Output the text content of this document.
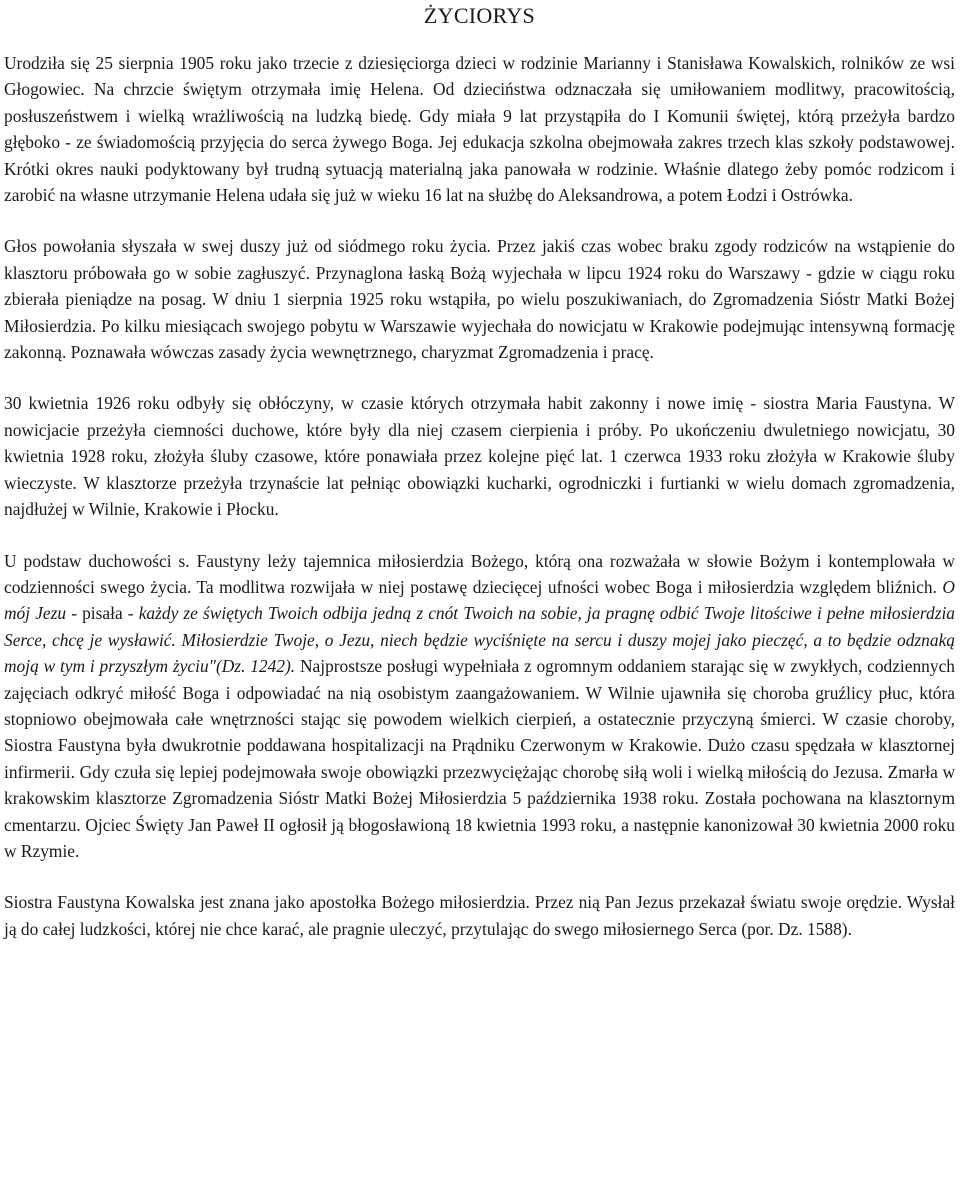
ŻYCIORYS

Urodziła się 25 sierpnia 1905 roku jako trzecie z dziesięciorga dzieci w rodzinie Marianny i Stanisława Kowalskich, rolników ze wsi Głogowiec. Na chrzcie świętym otrzymała imię Helena. Od dzieciństwa odznaczała się umiłowaniem modlitwy, pracowitością, posłuszeństwem i wielką wrażliwością na ludzką biedę. Gdy miała 9 lat przystąpiła do I Komunii świętej, którą przeżyła bardzo głęboko - ze świadomością przyjęcia do serca żywego Boga. Jej edukacja szkolna obejmowała zakres trzech klas szkoły podstawowej. Krótki okres nauki podyktowany był trudną sytuacją materialną jaka panowała w rodzinie. Właśnie dlatego żeby pomóc rodzicom i zarobić na własne utrzymanie Helena udała się już w wieku 16 lat na służbę do Aleksandrowa, a potem Łodzi i Ostrówka.

Głos powołania słyszała w swej duszy już od siódmego roku życia. Przez jakiś czas wobec braku zgody rodziców na wstąpienie do klasztoru próbowała go w sobie zagłuszyć. Przynaglona łaską Bożą wyjechała w lipcu 1924 roku do Warszawy - gdzie w ciągu roku zbierała pieniądze na posag. W dniu 1 sierpnia 1925 roku wstąpiła, po wielu poszukiwaniach, do Zgromadzenia Sióstr Matki Bożej Miłosierdzia. Po kilku miesiącach swojego pobytu w Warszawie wyjechała do nowicjatu w Krakowie podejmując intensywną formację zakonną. Poznawała wówczas zasady życia wewnętrznego, charyzmat Zgromadzenia i pracę.

30 kwietnia 1926 roku odbyły się obłóczyny, w czasie których otrzymała habit zakonny i nowe imię - siostra Maria Faustyna. W nowicjacie przeżyła ciemności duchowe, które były dla niej czasem cierpienia i próby. Po ukończeniu dwuletniego nowicjatu, 30 kwietnia 1928 roku, złożyła śluby czasowe, które ponawiała przez kolejne pięć lat. 1 czerwca 1933 roku złożyła w Krakowie śluby wieczyste. W klasztorze przeżyła trzynaście lat pełniąc obowiązki kucharki, ogrodniczki i furtianki w wielu domach zgromadzenia, najdłużej w Wilnie, Krakowie i Płocku.

U podstaw duchowości s. Faustyny leży tajemnica miłosierdzia Bożego, którą ona rozważała w słowie Bożym i kontemplowała w codzienności swego życia. Ta modlitwa rozwijała w niej postawę dziecięcej ufności wobec Boga i miłosierdzia względem bliźnich. O mój Jezu - pisała - każdy ze świętych Twoich odbija jedną z cnót Twoich na sobie, ja pragnę odbić Twoje litościwe i pełne miłosierdzia Serce, chcę je wysławić. Miłosierdzie Twoje, o Jezu, niech będzie wyciśnięte na sercu i duszy mojej jako pieczęć, a to będzie odznaką moją w tym i przyszłym życiu"(Dz. 1242). Najprostsze posługi wypełniała z ogromnym oddaniem starając się w zwykłych, codziennych zajęciach odkryć miłość Boga i odpowiadać na nią osobistym zaangażowaniem. W Wilnie ujawniła się choroba gruźlicy płuc, która stopniowo obejmowała całe wnętrzności stając się powodem wielkich cierpień, a ostatecznie przyczyną śmierci. W czasie choroby, Siostra Faustyna była dwukrotnie poddawana hospitalizacji na Prądniku Czerwonym w Krakowie. Dużo czasu spędzała w klasztornej infirmerii. Gdy czuła się lepiej podejmowała swoje obowiązki przezwyciężając chorobę siłą woli i wielką miłością do Jezusa. Zmarła w krakowskim klasztorze Zgromadzenia Sióstr Matki Bożej Miłosierdzia 5 października 1938 roku. Została pochowana na klasztornym cmentarzu. Ojciec Święty Jan Paweł II ogłosił ją błogosławioną 18 kwietnia 1993 roku, a następnie kanonizował 30 kwietnia 2000 roku w Rzymie.

Siostra Faustyna Kowalska jest znana jako apostołka Bożego miłosierdzia. Przez nią Pan Jezus przekazał światu swoje orędzie. Wysłał ją do całej ludzkości, której nie chce karać, ale pragnie uleczyć, przytulając do swego miłosiernego Serca (por. Dz. 1588).
